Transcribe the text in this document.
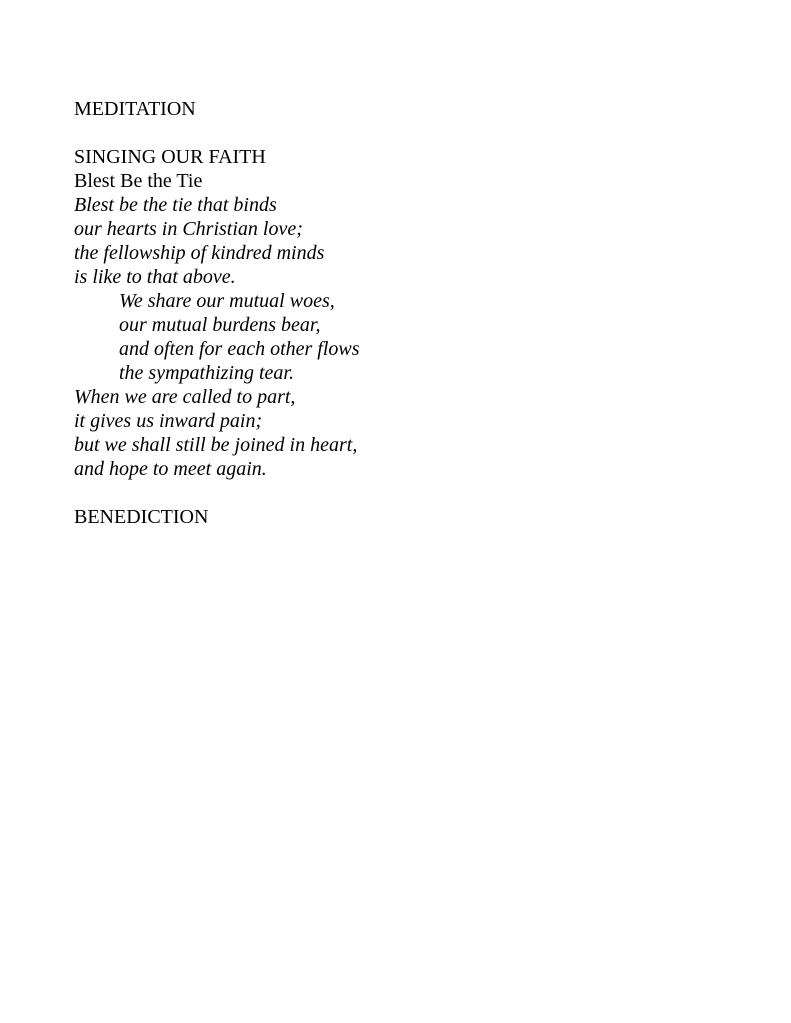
MEDITATION
SINGING OUR FAITH
Blest Be the Tie
Blest be the tie that binds
our hearts in Christian love;
the fellowship of kindred minds
is like to that above.
We share our mutual woes,
our mutual burdens bear,
and often for each other flows
the sympathizing tear.
When we are called to part,
it gives us inward pain;
but we shall still be joined in heart,
and hope to meet again.
BENEDICTION
